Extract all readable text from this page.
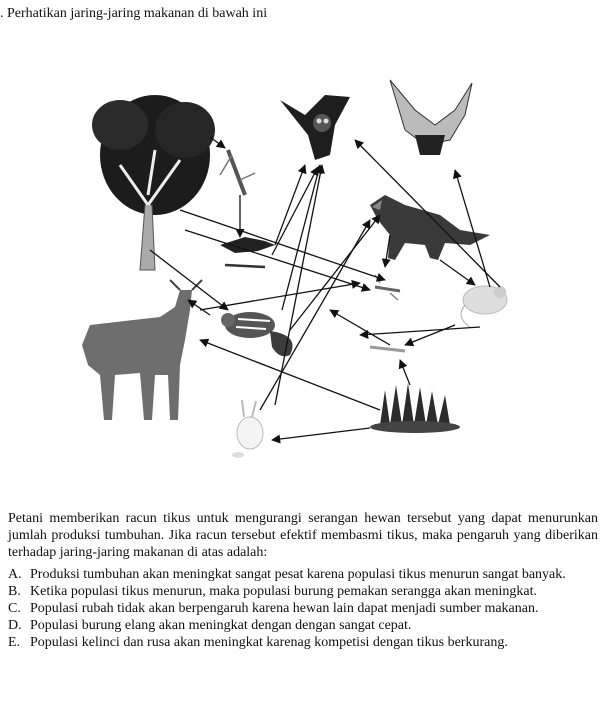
. Perhatikan jaring-jaring makanan di bawah ini
Petani memberikan racun tikus untuk mengurangi serangan hewan tersebut yang dapat menurunkan jumlah produksi tumbuhan. Jika racun tersebut efektif membasmi tikus, maka pengaruh yang diberikan terhadap jaring-jaring makanan di atas adalah:
A. Produksi tumbuhan akan meningkat sangat pesat karena populasi tikus menurun sangat banyak.
B. Ketika populasi tikus menurun, maka populasi burung pemakan serangga akan meningkat.
C. Populasi rubah tidak akan berpengaruh karena hewan lain dapat menjadi sumber makanan.
D. Populasi burung elang akan meningkat dengan dengan sangat cepat.
E. Populasi kelinci dan rusa akan meningkat karenag kompetisi dengan tikus berkurang.
